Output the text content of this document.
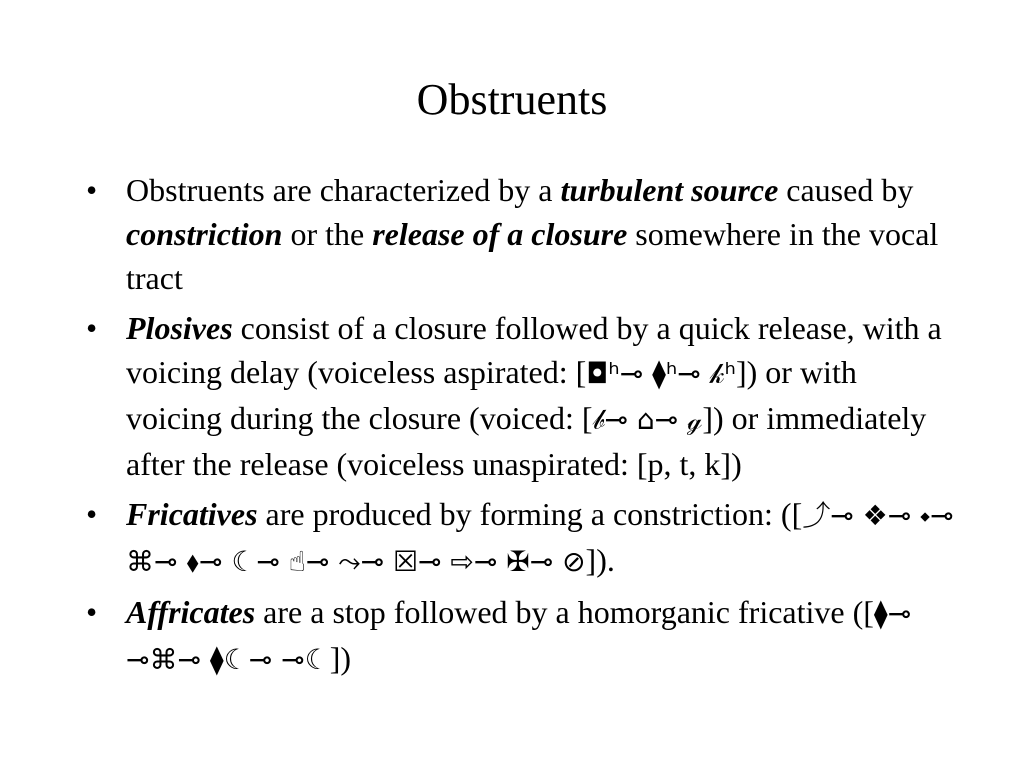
Obstruents
• Obstruents are characterized by a turbulent source caused by constriction or the release of a closure somewhere in the vocal tract
• Plosives consist of a closure followed by a quick release, with a voicing delay (voiceless aspirated: [◘ʰ⊸ ⧫ʰ⊸ 𝓀ʰ]) or with voicing during the closure (voiced: [𝒷⊸ ⌂⊸ ℊ]) or immediately after the release (voiceless unaspirated: [p, t, k])
• Fricatives are produced by forming a constriction: ([⤴⊸ ❖⊸ ⬩⊸ ⌘⊸ ⬧⊸ ☾⊸ ☝⊸ ⤳⊸ ☒⊸ ⇨⊸ ✠⊸ ⊘]).
• Affricates are a stop followed by a homorganic fricative ([⧫⊸ ⊸⌘⊸ ⧫☾⊸ ⊸☾])
